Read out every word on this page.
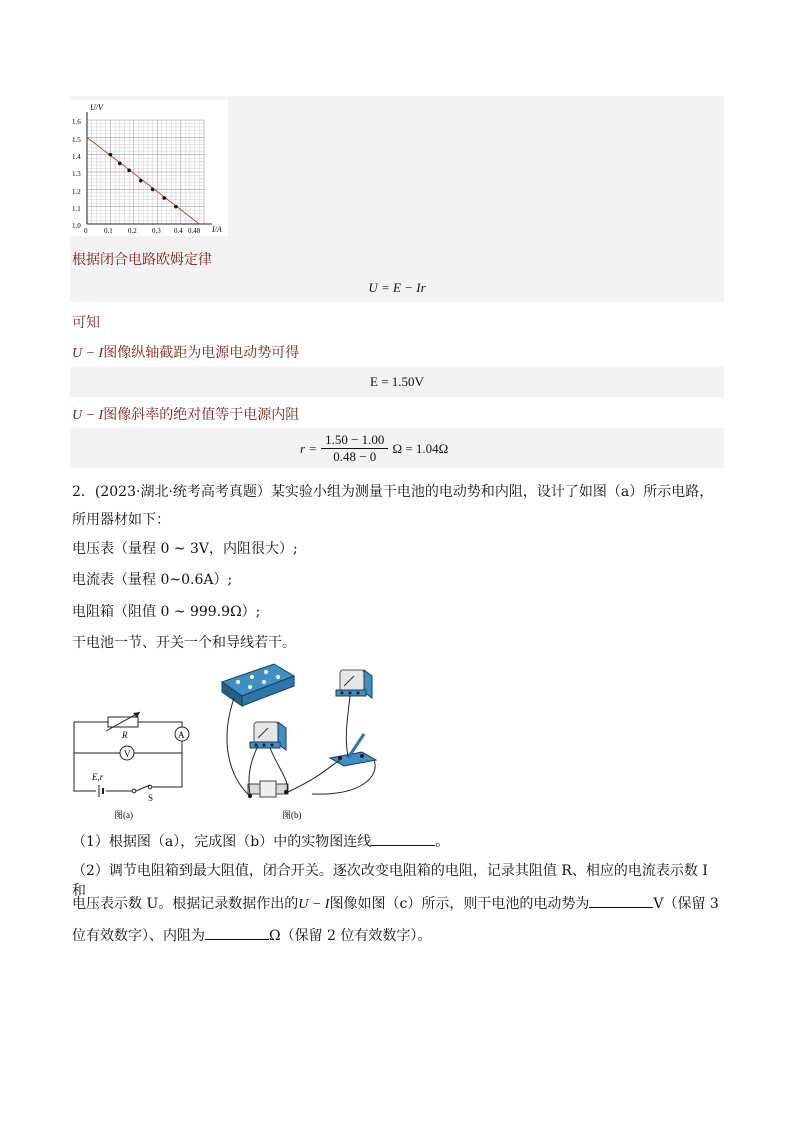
U/V
I/A
1.6
1.5
1.4
1.3
1.2
1.1
1.0
0 0.1 0.2 0.3 0.4 0.48
根据闭合电路欧姆定律
U = E − Ir
可知
U − I图像纵轴截距为电源电动势可得
E = 1.50V
U − I图像斜率的绝对值等于电源内阻
$r = \frac{1.50 - 1.00}{0.48 - 0}$ Ω = 1.04Ω
2．(2023·湖北·统考高考真题）某实验小组为测量干电池的电动势和内阻，设计了如图（a）所示电路，所用器材如下：
电压表（量程 0 ~ 3V，内阻很大）;
电流表（量程 0~0.6A）;
电阻箱（阻值 0 ~ 999.9Ω）;
干电池一节、开关一个和导线若干。
R
V
A
E,r
S
图(a)	图(b)
（1）根据图（a），完成图（b）中的实物图连线	。
（2）调节电阻箱到最大阻值，闭合开关。逐次改变电阻箱的电阻，记录其阻值 R、相应的电流表示数 I 和
电压表示数 U。根据记录数据作出的U − I图像如图（c）所示，则干电池的电动势为	V（保留 3
位有效数字）、内阻为	Ω（保留 2 位有效数字）。
